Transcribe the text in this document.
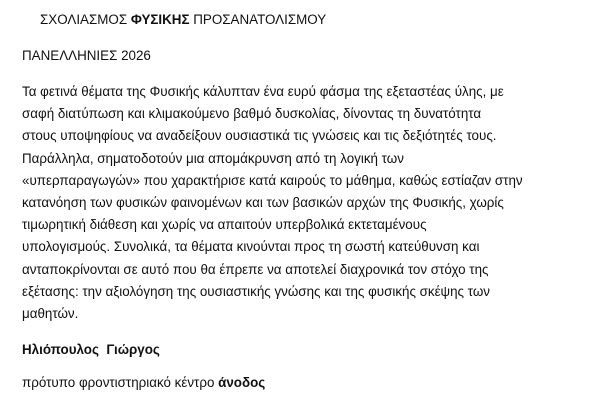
ΣΧΟΛΙΑΣΜΟΣ ΦΥΣΙΚΗΣ ΠΡΟΣΑΝΑΤΟΛΙΣΜΟΥ
ΠΑΝΕΛΛΗΝΙΕΣ 2026
Τα φετινά θέματα της Φυσικής κάλυπταν ένα ευρύ φάσμα της εξεταστέας ύλης, με
σαφή διατύπωση και κλιμακούμενο βαθμό δυσκολίας, δίνοντας τη δυνατότητα
στους υποψηφίους να αναδείξουν ουσιαστικά τις γνώσεις και τις δεξιότητές τους.
Παράλληλα, σηματοδοτούν μια απομάκρυνση από τη λογική των
«υπερπαραγωγών» που χαρακτήρισε κατά καιρούς το μάθημα, καθώς εστίαζαν στην
κατανόηση των φυσικών φαινομένων και των βασικών αρχών της Φυσικής, χωρίς
τιμωρητική διάθεση και χωρίς να απαιτούν υπερβολικά εκτεταμένους
υπολογισμούς. Συνολικά, τα θέματα κινούνται προς τη σωστή κατεύθυνση και
ανταποκρίνονται σε αυτό που θα έπρεπε να αποτελεί διαχρονικά τον στόχο της
εξέτασης: την αξιολόγηση της ουσιαστικής γνώσης και της φυσικής σκέψης των
μαθητών.
Ηλιόπουλος  Γιώργος
πρότυπο φροντιστηριακό κέντρο άνοδος
